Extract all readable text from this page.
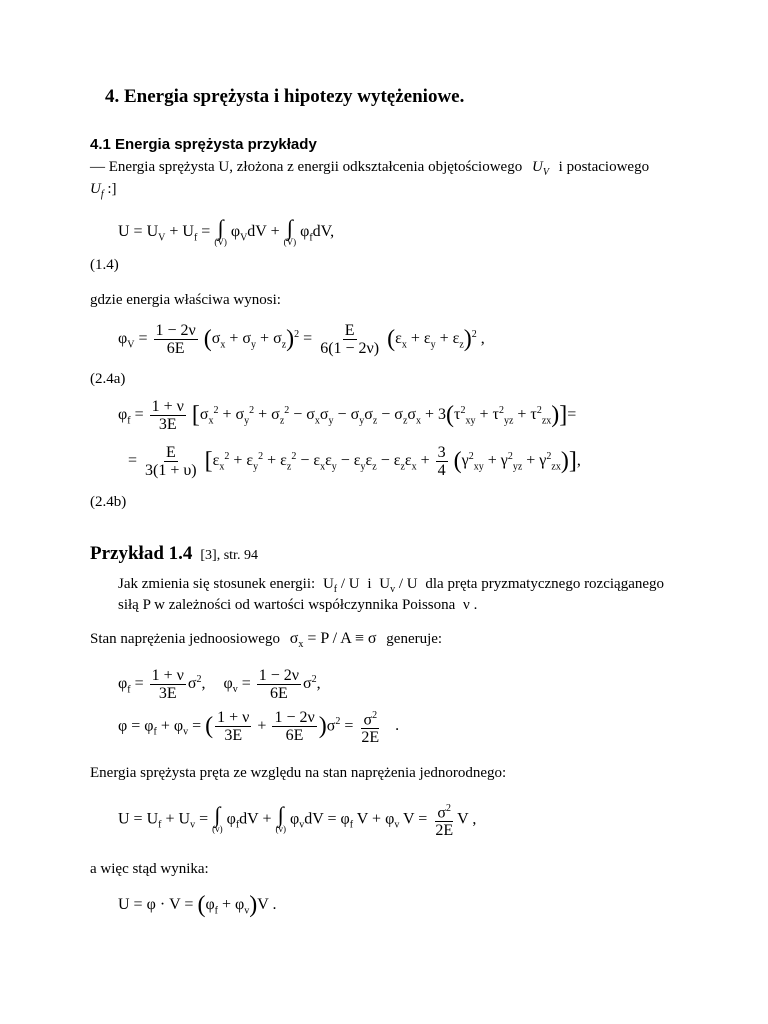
4. Energia sprężysta i hipotezy wytężeniowe.
4.1 Energia sprężysta przykłady
— Energia sprężysta U, złożona z energii odkształcenia objętościowego $U_V$ i postaciowego
$U_f$ :]
$U = U_V + U_f$ = ∫
(V)
$\varphi_VdV$ + ∫
(V)
$\varphi_fdV$,
(1.4)
gdzie energia właściwa wynosi:
$\varphi_V = \frac{1 - 2\nu}{6E} (\sigma_x + \sigma_y + \sigma_z)^2 = \frac{E}{6(1 - 2\nu)} (\varepsilon_x + \varepsilon_y + \varepsilon_z)^2$ ,
(2.4a)
$\varphi_f = \frac{1 + \nu}{3E} [\sigma_x^2 + \sigma_y^2 + \sigma_z^2 - \sigma_x\sigma_y - \sigma_y\sigma_z - \sigma_z\sigma_x + 3(\tau^2_{xy} + \tau^2_{yz} + \tau^2_{zx})]=$
= $\frac{E}{3(1 + \upsilon)} [\varepsilon_x^2 + \varepsilon_y^2 + \varepsilon_z^2 - \varepsilon_x\varepsilon_y - \varepsilon_y\varepsilon_z - \varepsilon_z\varepsilon_x + \frac{3}{4} (\gamma^2_{xy} + \gamma^2_{yz} + \gamma^2_{zx})]$,
(2.4b)
Przykład 1.4 [3], str. 94
Jak zmienia się stosunek energii: $U_f$ / U i $U_v$ / U dla pręta pryzmatycznego rozciąganego
siłą P w zależności od wartości współczynnika Poissona ν .
Stan naprężenia jednoosiowego $\sigma_x = P / A \equiv \sigma$ generuje:
$\varphi_f = \frac{1 + \nu}{3E} \sigma^2$, $\varphi_v = \frac{1 - 2\nu}{6E} \sigma^2$,
$\varphi = \varphi_f + \varphi_v$ = ( $\frac{1 + \nu}{3E} + \frac{1 - 2\nu}{6E} )\sigma^2 = \frac{\sigma^2}{2E}$ .
Energia sprężysta pręta ze względu na stan naprężenia jednorodnego:
$U = U_f + U_v$ = ∫
(v)
$\varphi_fdV$ + ∫
(v)
$\varphi_vdV = \varphi_f$ $V + \varphi_v$ $V = \frac{\sigma^2}{2E}$ V ,
a więc stąd wynika:
$U = \varphi \cdot V = (\varphi_f + \varphi_v)V$ .
